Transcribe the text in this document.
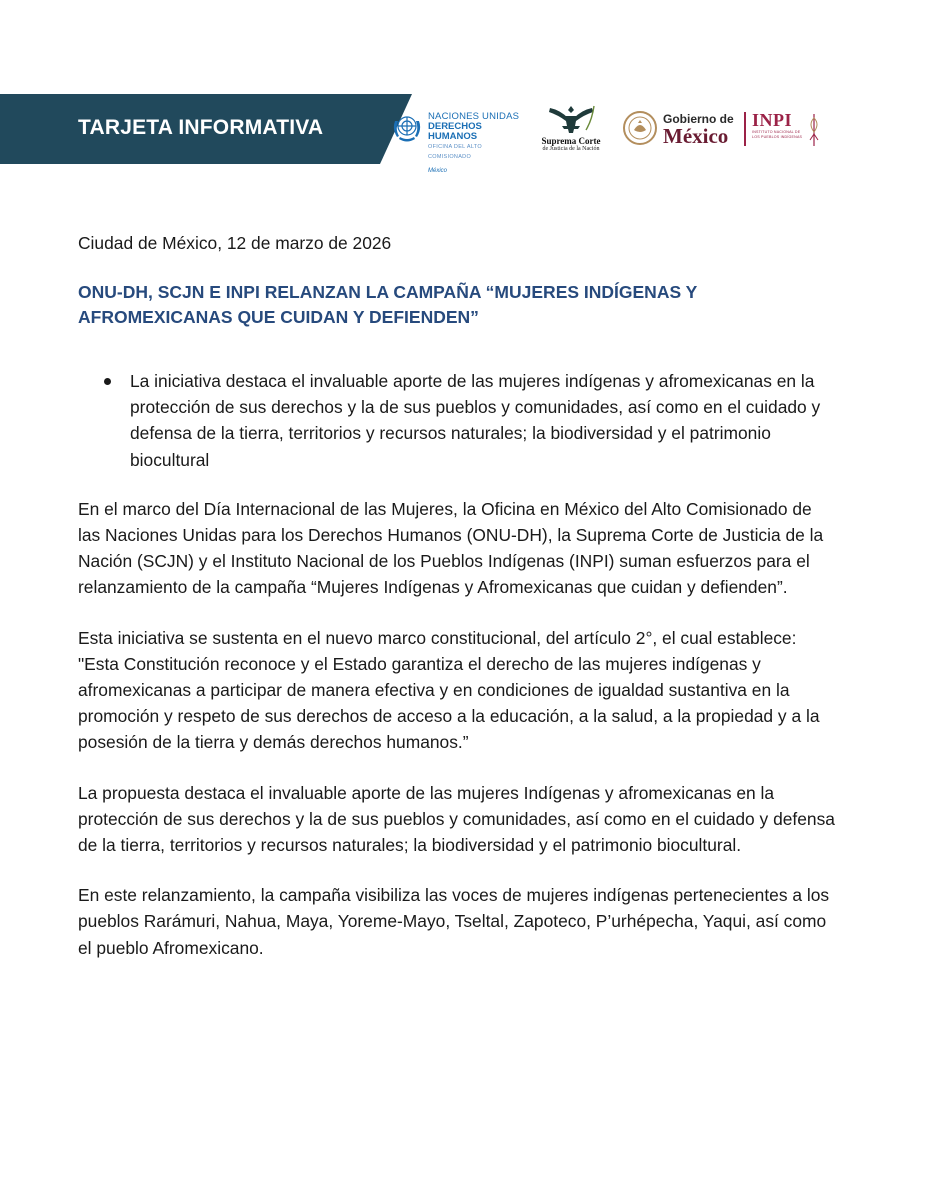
TARJETA INFORMATIVA	NACIONES UNIDAS
DERECHOS HUMANOS
OFICINA DEL ALTO COMISIONADO
México
Suprema Corte
de Justicia de la Nación
Gobierno de
México
INPI
INSTITUTO NACIONAL DE LOS PUEBLOS INDÍGENAS

Ciudad de México, 12 de marzo de 2026

ONU-DH, SCJN E INPI RELANZAN LA CAMPAÑA “MUJERES INDÍGENAS Y AFROMEXICANAS QUE CUIDAN Y DEFIENDEN”
La iniciativa destaca el invaluable aporte de las mujeres indígenas y afromexicanas en la protección de sus derechos y la de sus pueblos y comunidades, así como en el cuidado y defensa de la tierra, territorios y recursos naturales; la biodiversidad y el patrimonio biocultural

En el marco del Día Internacional de las Mujeres, la Oficina en México del Alto Comisionado de las Naciones Unidas para los Derechos Humanos (ONU-DH), la Suprema Corte de Justicia de la Nación (SCJN) y el Instituto Nacional de los Pueblos Indígenas (INPI) suman esfuerzos para el relanzamiento de la campaña “Mujeres Indígenas y Afromexicanas que cuidan y defienden”.

Esta iniciativa se sustenta en el nuevo marco constitucional, del artículo 2°, el cual establece: "Esta Constitución reconoce y el Estado garantiza el derecho de las mujeres indígenas y afromexicanas a participar de manera efectiva y en condiciones de igualdad sustantiva en la promoción y respeto de sus derechos de acceso a la educación, a la salud, a la propiedad y a la posesión de la tierra y demás derechos humanos.”

La propuesta destaca el invaluable aporte de las mujeres Indígenas y afromexicanas en la protección de sus derechos y la de sus pueblos y comunidades, así como en el cuidado y defensa de la tierra, territorios y recursos naturales; la biodiversidad y el patrimonio biocultural.

En este relanzamiento, la campaña visibiliza las voces de mujeres indígenas pertenecientes a los pueblos Rarámuri, Nahua, Maya, Yoreme-Mayo, Tseltal, Zapoteco, P’urhépecha, Yaqui, así como el pueblo Afromexicano.
